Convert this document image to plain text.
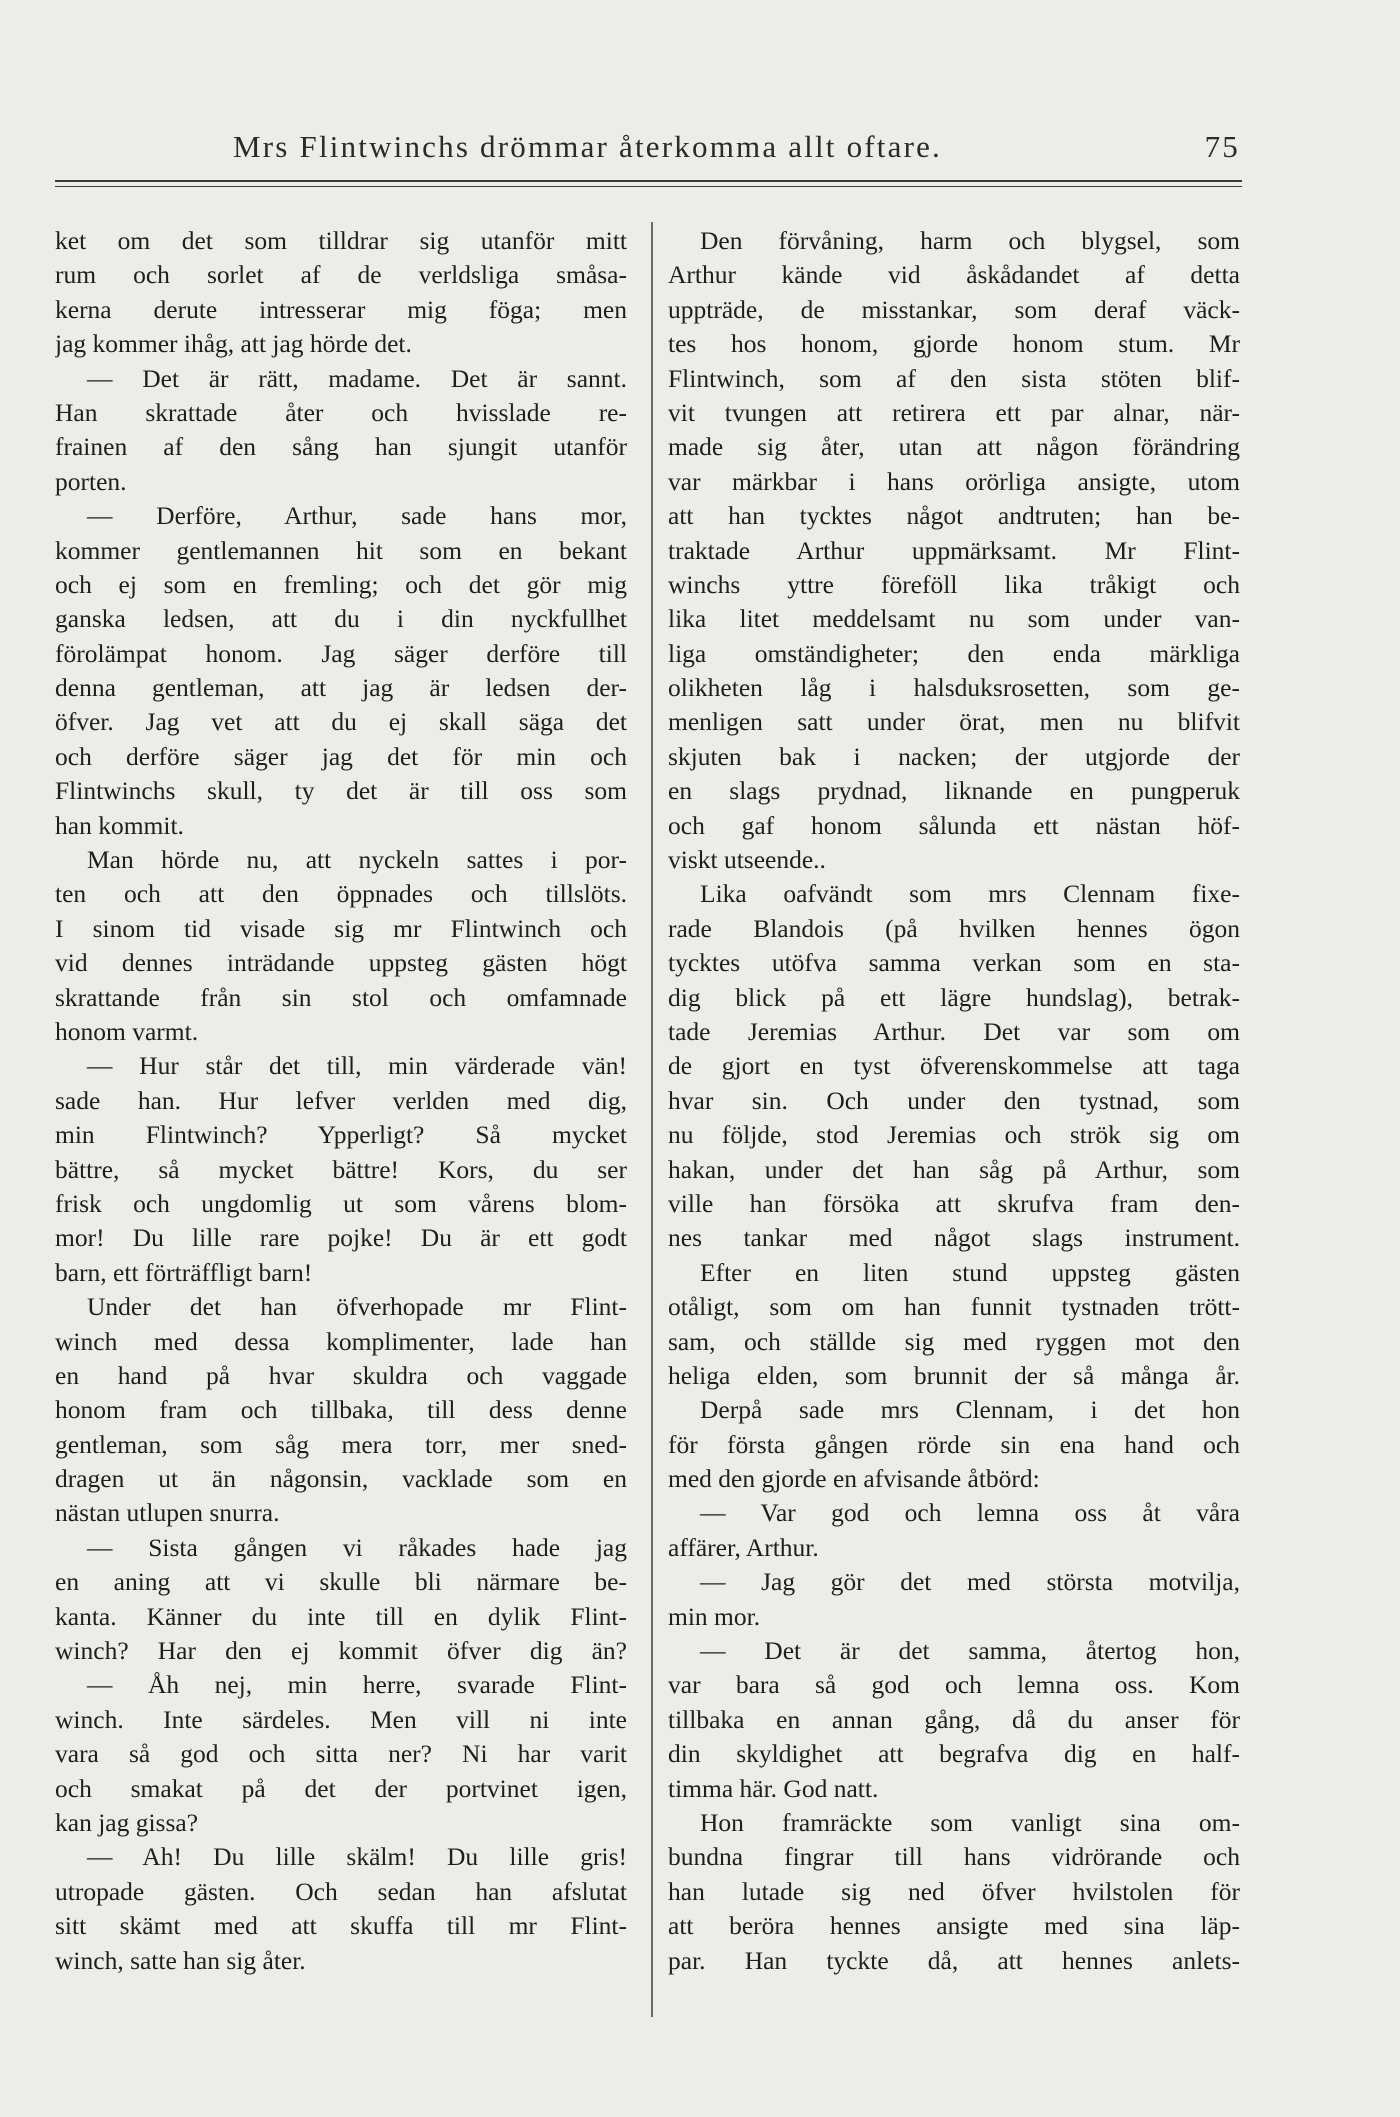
Mrs Flintwinchs drömmar återkomma allt oftare.	75
ket om det som tilldrar sig utanför mitt
rum och sorlet af de verldsliga småsa-
kerna derute intresserar mig föga; men
jag kommer ihåg, att jag hörde det.
— Det är rätt, madame. Det är sannt.
Han skrattade åter och hvisslade re-
frainen af den sång han sjungit utanför
porten.
— Derföre, Arthur, sade hans mor,
kommer gentlemannen hit som en bekant
och ej som en fremling; och det gör mig
ganska ledsen, att du i din nyckfullhet
förolämpat honom. Jag säger derföre till
denna gentleman, att jag är ledsen der-
öfver. Jag vet att du ej skall säga det
och derföre säger jag det för min och
Flintwinchs skull, ty det är till oss som
han kommit.
Man hörde nu, att nyckeln sattes i por-
ten och att den öppnades och tillslöts.
I sinom tid visade sig mr Flintwinch och
vid dennes inträdande uppsteg gästen högt
skrattande från sin stol och omfamnade
honom varmt.
— Hur står det till, min värderade vän!
sade han. Hur lefver verlden med dig,
min Flintwinch? Ypperligt? Så mycket
bättre, så mycket bättre! Kors, du ser
frisk och ungdomlig ut som vårens blom-
mor! Du lille rare pojke! Du är ett godt
barn, ett förträffligt barn!
Under det han öfverhopade mr Flint-
winch med dessa komplimenter, lade han
en hand på hvar skuldra och vaggade
honom fram och tillbaka, till dess denne
gentleman, som såg mera torr, mer sned-
dragen ut än någonsin, vacklade som en
nästan utlupen snurra.
— Sista gången vi råkades hade jag
en aning att vi skulle bli närmare be-
kanta. Känner du inte till en dylik Flint-
winch? Har den ej kommit öfver dig än?
— Åh nej, min herre, svarade Flint-
winch. Inte särdeles. Men vill ni inte
vara så god och sitta ner? Ni har varit
och smakat på det der portvinet igen,
kan jag gissa?
— Ah! Du lille skälm! Du lille gris!
utropade gästen. Och sedan han afslutat
sitt skämt med att skuffa till mr Flint-
winch, satte han sig åter.
Den förvåning, harm och blygsel, som
Arthur kände vid åskådandet af detta
uppträde, de misstankar, som deraf väck-
tes hos honom, gjorde honom stum. Mr
Flintwinch, som af den sista stöten blif-
vit tvungen att retirera ett par alnar, när-
made sig åter, utan att någon förändring
var märkbar i hans orörliga ansigte, utom
att han tycktes något andtruten; han be-
traktade Arthur uppmärksamt. Mr Flint-
winchs yttre föreföll lika tråkigt och
lika litet meddelsamt nu som under van-
liga omständigheter; den enda märkliga
olikheten låg i halsduksrosetten, som ge-
menligen satt under örat, men nu blifvit
skjuten bak i nacken; der utgjorde der
en slags prydnad, liknande en pungperuk
och gaf honom sålunda ett nästan höf-
viskt utseende..
Lika oafvändt som mrs Clennam fixe-
rade Blandois (på hvilken hennes ögon
tycktes utöfva samma verkan som en sta-
dig blick på ett lägre hundslag), betrak-
tade Jeremias Arthur. Det var som om
de gjort en tyst öfverenskommelse att taga
hvar sin. Och under den tystnad, som
nu följde, stod Jeremias och strök sig om
hakan, under det han såg på Arthur, som
ville han försöka att skrufva fram den-
nes tankar med något slags instrument.
Efter en liten stund uppsteg gästen
otåligt, som om han funnit tystnaden trött-
sam, och ställde sig med ryggen mot den
heliga elden, som brunnit der så många år.
Derpå sade mrs Clennam, i det hon
för första gången rörde sin ena hand och
med den gjorde en afvisande åtbörd:
— Var god och lemna oss åt våra
affärer, Arthur.
— Jag gör det med största motvilja,
min mor.
— Det är det samma, återtog hon,
var bara så god och lemna oss. Kom
tillbaka en annan gång, då du anser för
din skyldighet att begrafva dig en half-
timma här. God natt.
Hon framräckte som vanligt sina om-
bundna fingrar till hans vidrörande och
han lutade sig ned öfver hvilstolen för
att beröra hennes ansigte med sina läp-
par. Han tyckte då, att hennes anlets-
